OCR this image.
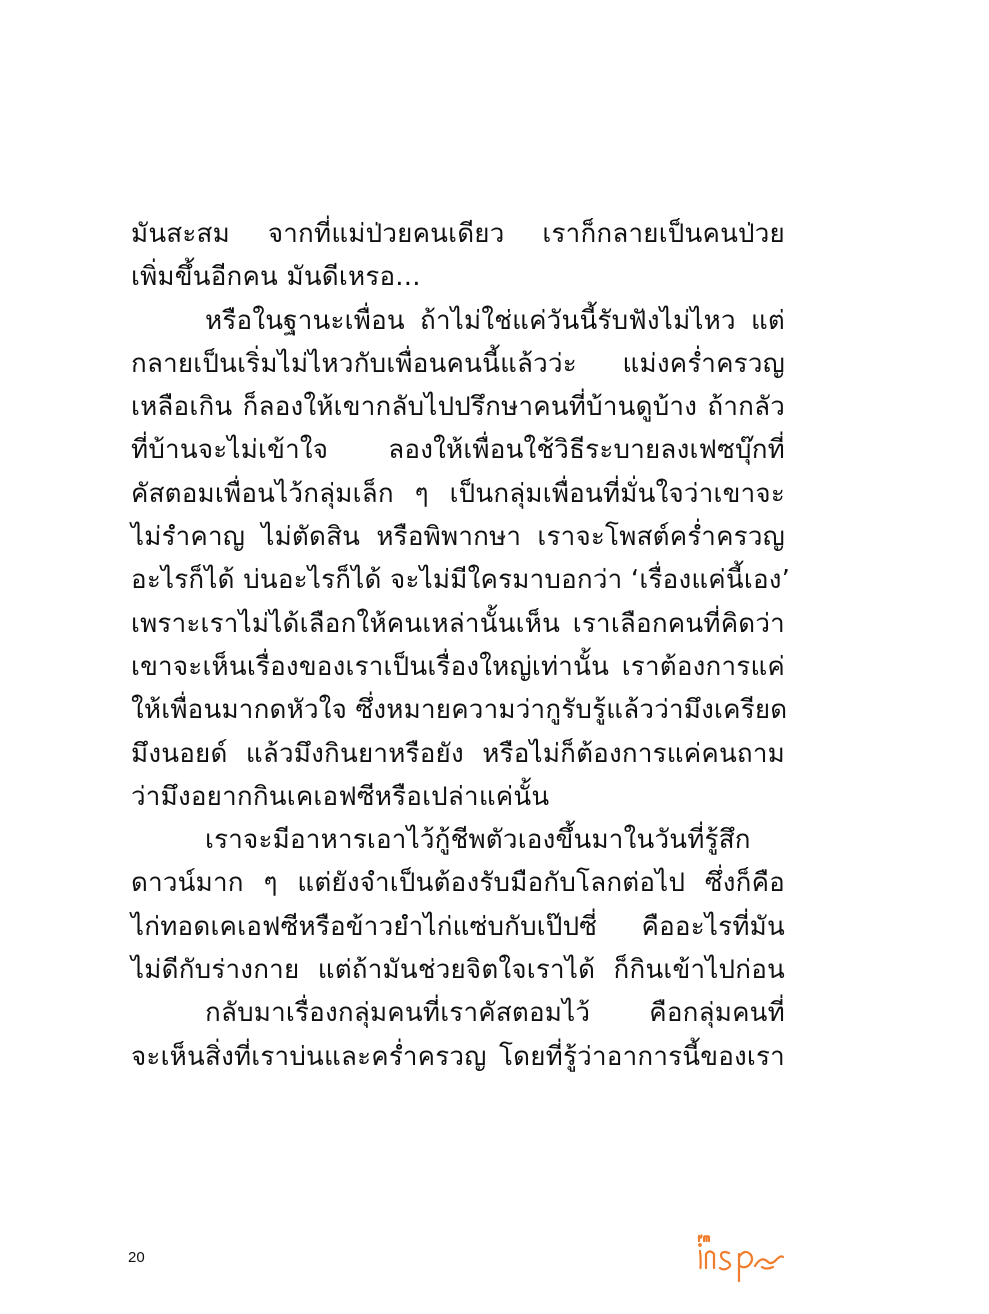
มันสะสม จากที่แม่ป่วยคนเดียว เราก็กลายเป็นคนป่วย
เพิ่มขึ้นอีกคน มันดีเหรอ...
หรือในฐานะเพื่อน ถ้าไม่ใช่แค่วันนี้รับฟังไม่ไหว แต่
กลายเป็นเริ่มไม่ไหวกับเพื่อนคนนี้แล้วว่ะ แม่งคร่ำครวญ
เหลือเกิน ก็ลองให้เขากลับไปปรึกษาคนที่บ้านดูบ้าง ถ้ากลัว
ที่บ้านจะไม่เข้าใจ ลองให้เพื่อนใช้วิธีระบายลงเฟซบุ๊กที่
คัสตอมเพื่อนไว้กลุ่มเล็ก ๆ เป็นกลุ่มเพื่อนที่มั่นใจว่าเขาจะ
ไม่รำคาญ ไม่ตัดสิน หรือพิพากษา เราจะโพสต์คร่ำครวญ
อะไรก็ได้ บ่นอะไรก็ได้ จะไม่มีใครมาบอกว่า ‘เรื่องแค่นี้เอง’
เพราะเราไม่ได้เลือกให้คนเหล่านั้นเห็น เราเลือกคนที่คิดว่า
เขาจะเห็นเรื่องของเราเป็นเรื่องใหญ่เท่านั้น เราต้องการแค่
ให้เพื่อนมากดหัวใจ ซึ่งหมายความว่ากูรับรู้แล้วว่ามึงเครียด
มึงนอยด์ แล้วมึงกินยาหรือยัง หรือไม่ก็ต้องการแค่คนถาม
ว่ามึงอยากกินเคเอฟซีหรือเปล่าแค่นั้น
เราจะมีอาหารเอาไว้กู้ชีพตัวเองขึ้นมาในวันที่รู้สึก
ดาวน์มาก ๆ แต่ยังจำเป็นต้องรับมือกับโลกต่อไป ซึ่งก็คือ
ไก่ทอดเคเอฟซีหรือข้าวยำไก่แซ่บกับเป๊ปซี่ คืออะไรที่มัน
ไม่ดีกับร่างกาย แต่ถ้ามันช่วยจิตใจเราได้ ก็กินเข้าไปก่อน
กลับมาเรื่องกลุ่มคนที่เราคัสตอมไว้ คือกลุ่มคนที่
จะเห็นสิ่งที่เราบ่นและคร่ำครวญ โดยที่รู้ว่าอาการนี้ของเรา
20
